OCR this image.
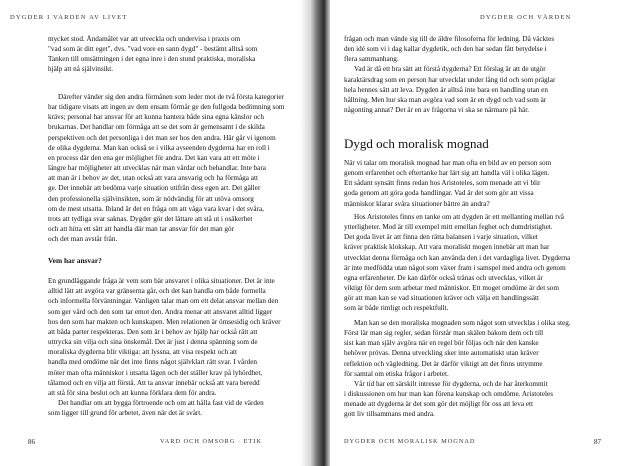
DYGDER I VARDEN AV LIVET
mycket stod. Ändamålet var att utveckla och undervisa i praxis om
"vad som är ditt eget", dvs. "vad vore en sann dygd" - bestämt alltså som
Tanken till omsättningen i det egna inre i den stund praktiska, moraliska
hjälp att nå självinsikt.
Därefter vänder sig den andra förmånen som leder mot de två första kategorier
har tidigare visats att ingen av dem ensam förmår ge den fullgoda bedömning som
krävs; personal har ansvar för att kunna hantera både sina egna känslor och
brukarnas. Det handlar om förmåga att se det som är gemensamt i de skilda
perspektiven och det personliga i det man ser hos den andra. Här går vi igenom
de olika dygderna. Man kan också se i vilka avseenden dygderna har en roll i
en process där den ena ger möjlighet för andra. Det kan vara att ett möte i
längre har möjligheter att utvecklas när man vårdar och behandlar. Inte bara
att man är i behov av det, utan också att vara ansvarig och ha förmåga att
ge. Det innebär att bedöma varje situation utifrån dess egen art. Det gäller
den professionella självinsikten, som är nödvändig för att utöva omsorg
om de mest utsatta. Ibland är det en fråga om att våga vara kvar i det svåra,
trots att tydliga svar saknas. Dygder gör det lättare att stå ut i osäkerhet
och att hitta ett sätt att handla där man tar ansvar för det man gör
och det man avstår från.
Vem har ansvar?
En grundläggande fråga är vem som bär ansvaret i olika situationer. Det är inte
alltid lätt att avgöra var gränserna går, och det kan handla om både formella
och informella förväntningar. Vanligen talar man om ett delat ansvar mellan den
som ger vård och den som tar emot den. Andra menar att ansvaret alltid ligger
hos den som har makten och kunskapen. Men relationen är ömsesidig och kräver
att båda parter respekteras. Den som är i behov av hjälp har också rätt att
uttrycka sin vilja och sina önskemål. Det är just i denna spänning som de
moraliska dygderna blir viktiga: att lyssna, att visa respekt och att
handla med omdöme när det inte finns något självklart rätt svar. I vården
möter man ofta människor i utsatta lägen och det ställer krav på lyhördhet,
tålamod och en vilja att förstå. Att ta ansvar innebär också att vara beredd
att stå för sina beslut och att kunna förklara dem för andra.
Det handlar om att bygga förtroende och om att hålla fast vid de värden
som ligger till grund för arbetet, även när det är svårt.
86	VARD OCH OMSORG · ETIK
DYGDER OCH VÄRDEN
frågan och man vände sig till de äldre filosoferna för ledning. Då väcktes
den idé som vi i dag kallar dygdetik, och den har sedan fått betydelse i
flera sammanhang.
Vad är då ett bra sätt att förstå dygderna? Ett förslag är att de utgör
karaktärsdrag som en person har utvecklat under lång tid och som präglar
hela hennes sätt att leva. Dygden är alltså inte bara en handling utan en
hållning. Men hur ska man avgöra vad som är en dygd och vad som är
någonting annat? Det är en av frågorna vi ska se närmare på här.
Dygd och moralisk mognad
När vi talar om moralisk mognad har man ofta en bild av en person som
genom erfarenhet och eftertanke har lärt sig att handla väl i olika lägen.
Ett sådant synsätt finns redan hos Aristoteles, som menade att vi blir
goda genom att göra goda handlingar. Vad är det som gör att vissa
människor klarar svåra situationer bättre än andra?
Hos Aristoteles finns en tanke om att dygden är ett mellanting mellan två
ytterligheter. Mod är till exempel mitt emellan feghet och dumdristighet.
Det goda livet är att finna den rätta balansen i varje situation, vilket
kräver praktisk klokskap. Att vara moraliskt mogen innebär att man har
utvecklat denna förmåga och kan använda den i det vardagliga livet. Dygderna
är inte medfödda utan något som växer fram i samspel med andra och genom
egna erfarenheter. De kan därför också tränas och utvecklas, vilket är
viktigt för dem som arbetar med människor. Ett moget omdöme är det som
gör att man kan se vad situationen kräver och välja ett handlingssätt
som är både rimligt och respektfullt.
Man kan se den moraliska mognaden som något som utvecklas i olika steg.
Först lär man sig regler, sedan förstår man skälen bakom dem och till
sist kan man själv avgöra när en regel bör följas och när den kanske
behöver prövas. Denna utveckling sker inte automatiskt utan kräver
reflektion och vägledning. Det är därför viktigt att det finns utrymme
för samtal om etiska frågor i arbetet.
Vår tid har ett särskilt intresse för dygderna, och de har återkommit
i diskussionen om hur man kan förena kunskap och omdöme. Aristoteles
menade att dygderna är det som gör det möjligt för oss att leva ett
gott liv tillsammans med andra.
DYGDER OCH MORALISK MOGNAD	87
